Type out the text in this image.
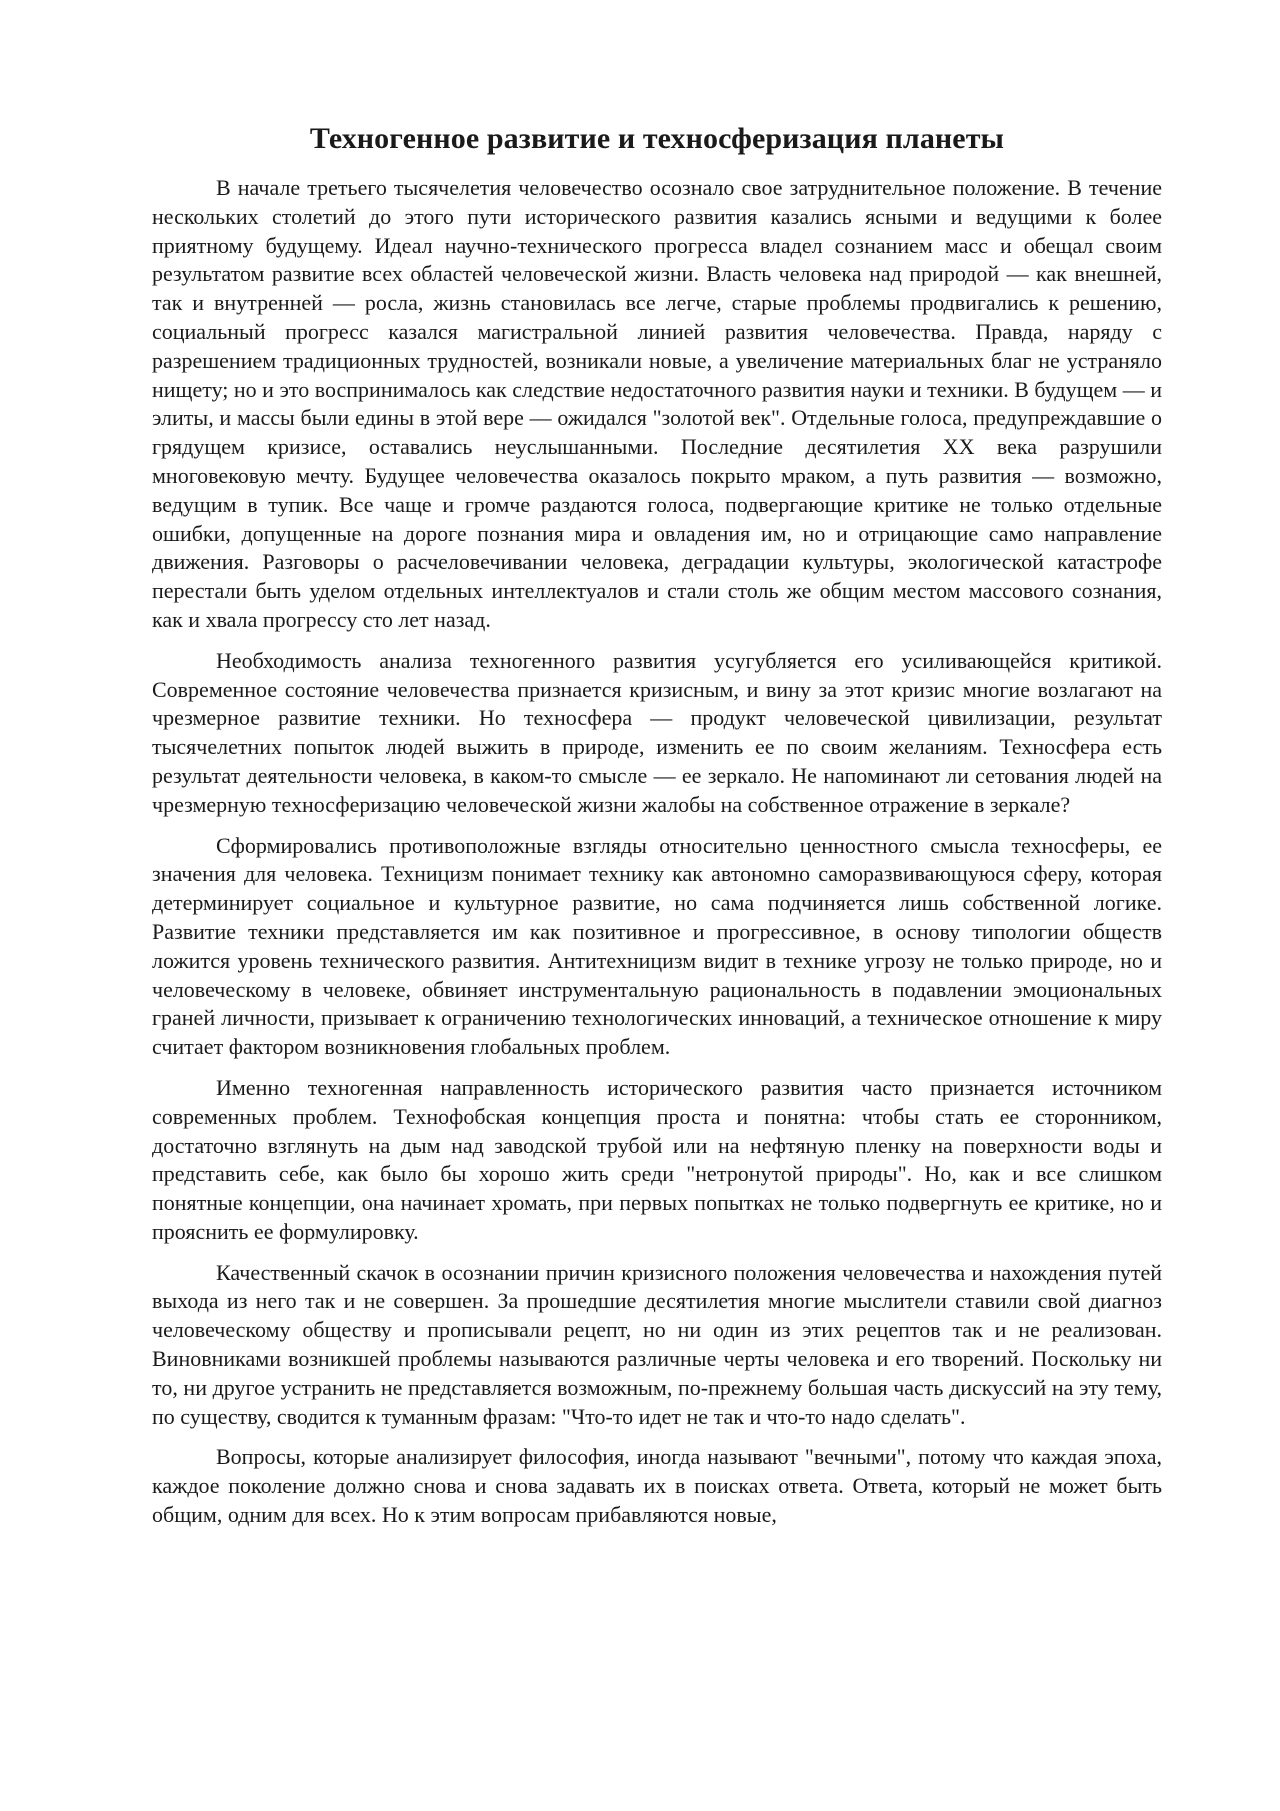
Техногенное развитие и техносферизация планеты

В начале третьего тысячелетия человечество осознало свое затруднительное положение. В течение нескольких столетий до этого пути исторического развития казались ясными и ведущими к более приятному будущему. Идеал научно-технического прогресса владел сознанием масс и обещал своим результатом развитие всех областей человеческой жизни. Власть человека над природой — как внешней, так и внутренней — росла, жизнь становилась все легче, старые проблемы продвигались к решению, социальный прогресс казался магистральной линией развития человечества. Правда, наряду с разрешением традиционных трудностей, возникали новые, а увеличение материальных благ не устраняло нищету; но и это воспринималось как следствие недостаточного развития науки и техники. В будущем — и элиты, и массы были едины в этой вере — ожидался "золотой век". Отдельные голоса, предупреждавшие о грядущем кризисе, оставались неуслышанными. Последние десятилетия XX века разрушили многовековую мечту. Будущее человечества оказалось покрыто мраком, а путь развития — возможно, ведущим в тупик. Все чаще и громче раздаются голоса, подвергающие критике не только отдельные ошибки, допущенные на дороге познания мира и овладения им, но и отрицающие само направление движения. Разговоры о расчеловечивании человека, деградации культуры, экологической катастрофе перестали быть уделом отдельных интеллектуалов и стали столь же общим местом массового сознания, как и хвала прогрессу сто лет назад.

Необходимость анализа техногенного развития усугубляется его усиливающейся критикой. Современное состояние человечества признается кризисным, и вину за этот кризис многие возлагают на чрезмерное развитие техники. Но техносфера — продукт человеческой цивилизации, результат тысячелетних попыток людей выжить в природе, изменить ее по своим желаниям. Техносфера есть результат деятельности человека, в каком-то смысле — ее зеркало. Не напоминают ли сетования людей на чрезмерную техносферизацию человеческой жизни жалобы на собственное отражение в зеркале?

Сформировались противоположные взгляды относительно ценностного смысла техносферы, ее значения для человека. Техницизм понимает технику как автономно саморазвивающуюся сферу, которая детерминирует социальное и культурное развитие, но сама подчиняется лишь собственной логике. Развитие техники представляется им как позитивное и прогрессивное, в основу типологии обществ ложится уровень технического развития. Антитехницизм видит в технике угрозу не только природе, но и человеческому в человеке, обвиняет инструментальную рациональность в подавлении эмоциональных граней личности, призывает к ограничению технологических инноваций, а техническое отношение к миру считает фактором возникновения глобальных проблем.

Именно техногенная направленность исторического развития часто признается источником современных проблем. Технофобская концепция проста и понятна: чтобы стать ее сторонником, достаточно взглянуть на дым над заводской трубой или на нефтяную пленку на поверхности воды и представить себе, как было бы хорошо жить среди "нетронутой природы". Но, как и все слишком понятные концепции, она начинает хромать, при первых попытках не только подвергнуть ее критике, но и прояснить ее формулировку.

Качественный скачок в осознании причин кризисного положения человечества и нахождения путей выхода из него так и не совершен. За прошедшие десятилетия многие мыслители ставили свой диагноз человеческому обществу и прописывали рецепт, но ни один из этих рецептов так и не реализован. Виновниками возникшей проблемы называются различные черты человека и его творений. Поскольку ни то, ни другое устранить не представляется возможным, по-прежнему большая часть дискуссий на эту тему, по существу, сводится к туманным фразам: "Что-то идет не так и что-то надо сделать".

Вопросы, которые анализирует философия, иногда называют "вечными", потому что каждая эпоха, каждое поколение должно снова и снова задавать их в поисках ответа. Ответа, который не может быть общим, одним для всех. Но к этим вопросам прибавляются новые,
